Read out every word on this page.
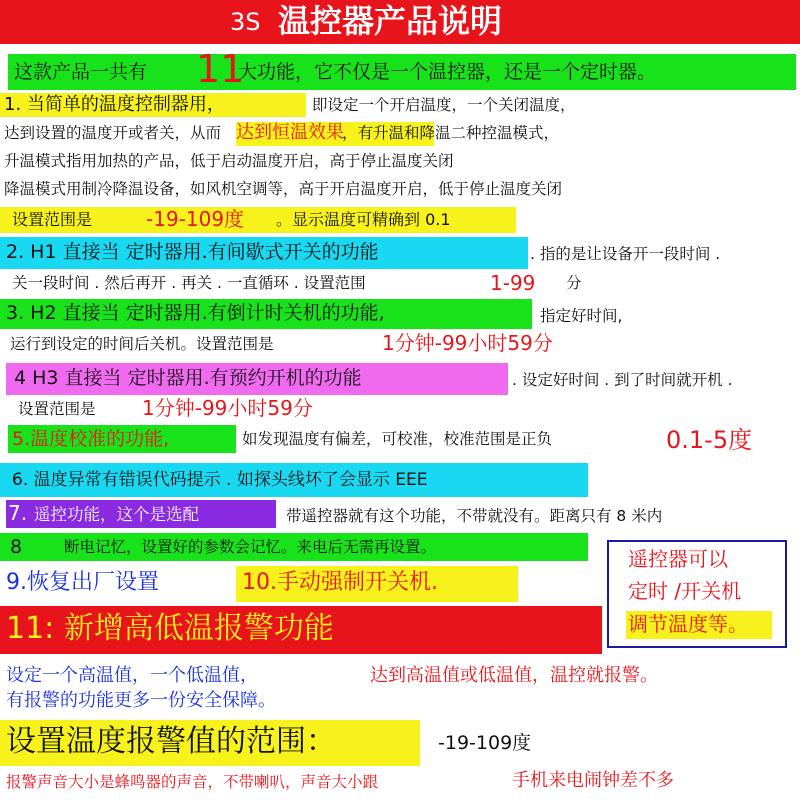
3S 温控器产品说明
这款产品一共有 11
大功能，它不仅是一个温控器，还是一个定时器。
1. 当简单的温度控制器用，	即设定一个开启温度，一个关闭温度，
达到设置的温度开或者关，从而 达到恒温效果
，有升温和降温二种控温模式，
升温模式指用加热的产品，低于启动温度开启，高于停止温度关闭
降温模式用制冷降温设备，如风机空调等，高于开启温度开启，低于停止温度关闭
设置范围是	-19-109度 。显示温度可精确到 0.1
2. H1 直接当 定时器用.有间歇式开关的功能	. 指的是让设备开一段时间 .
关一段时间 . 然后再开 . 再关 . 一直循环 . 设置范围	1-99 分
3. H2 直接当 定时器用.有倒计时关机的功能,	指定好时间,
运行到设定的时间后关机。设置范围是	1分钟-99小时59分
4 H3 直接当 定时器用.有预约开机的功能	. 设定好时间 . 到了时间就开机 .
设置范围是 1分钟-99小时59分
5.温度校准的功能,	如发现温度有偏差，可校准，校准范围是正负	0.1-5度
6. 温度异常有错误代码提示 . 如探头线坏了会显示 EEE
7. 遥控功能，这个是选配	带遥控器就有这个功能，不带就没有。距离只有 8 米内
8	断电记忆，设置好的参数会记忆。来电后无需再设置。
9.恢复出厂设置	10.手动强制开关机.
遥控器可以
定时 /开关机
调节温度等。
11: 新增高低温报警功能
设定一个高温值，一个低温值，	达到高温值或低温值，温控就报警。
有报警的功能更多一份安全保障。
设置温度报警值的范围：	-19-109度
报警声音大小是蜂鸣器的声音，不带喇叭，声音大小跟	手机来电闹钟差不多
